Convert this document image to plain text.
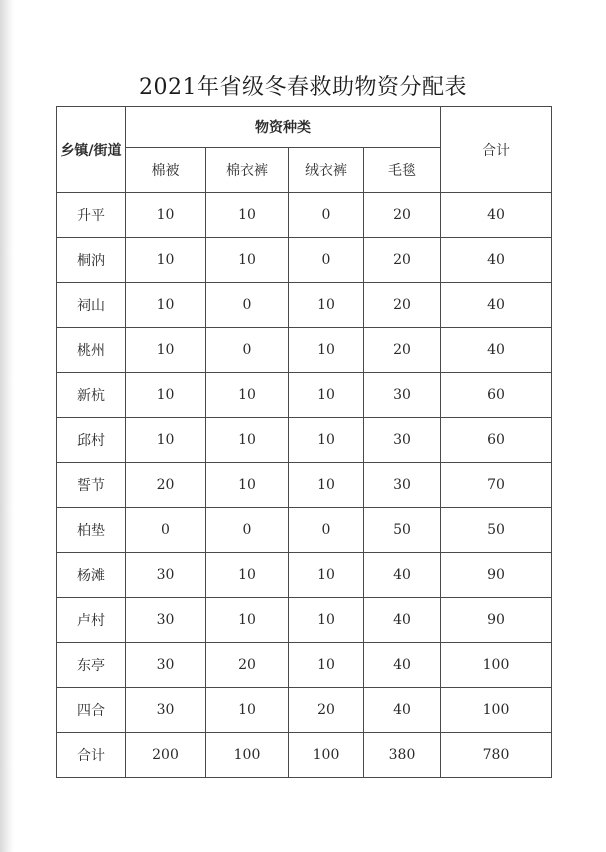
2021年省级冬春救助物资分配表
乡镇/街道	物资种类				合计
	棉被	棉衣裤	绒衣裤	毛毯	
升平	10	10	0	20	40
桐汭	10	10	0	20	40
祠山	10	0	10	20	40
桃州	10	0	10	20	40
新杭	10	10	10	30	60
邱村	10	10	10	30	60
誓节	20	10	10	30	70
柏垫	0	0	0	50	50
杨滩	30	10	10	40	90
卢村	30	10	10	40	90
东亭	30	20	10	40	100
四合	30	10	20	40	100
合计	200	100	100	380	780
